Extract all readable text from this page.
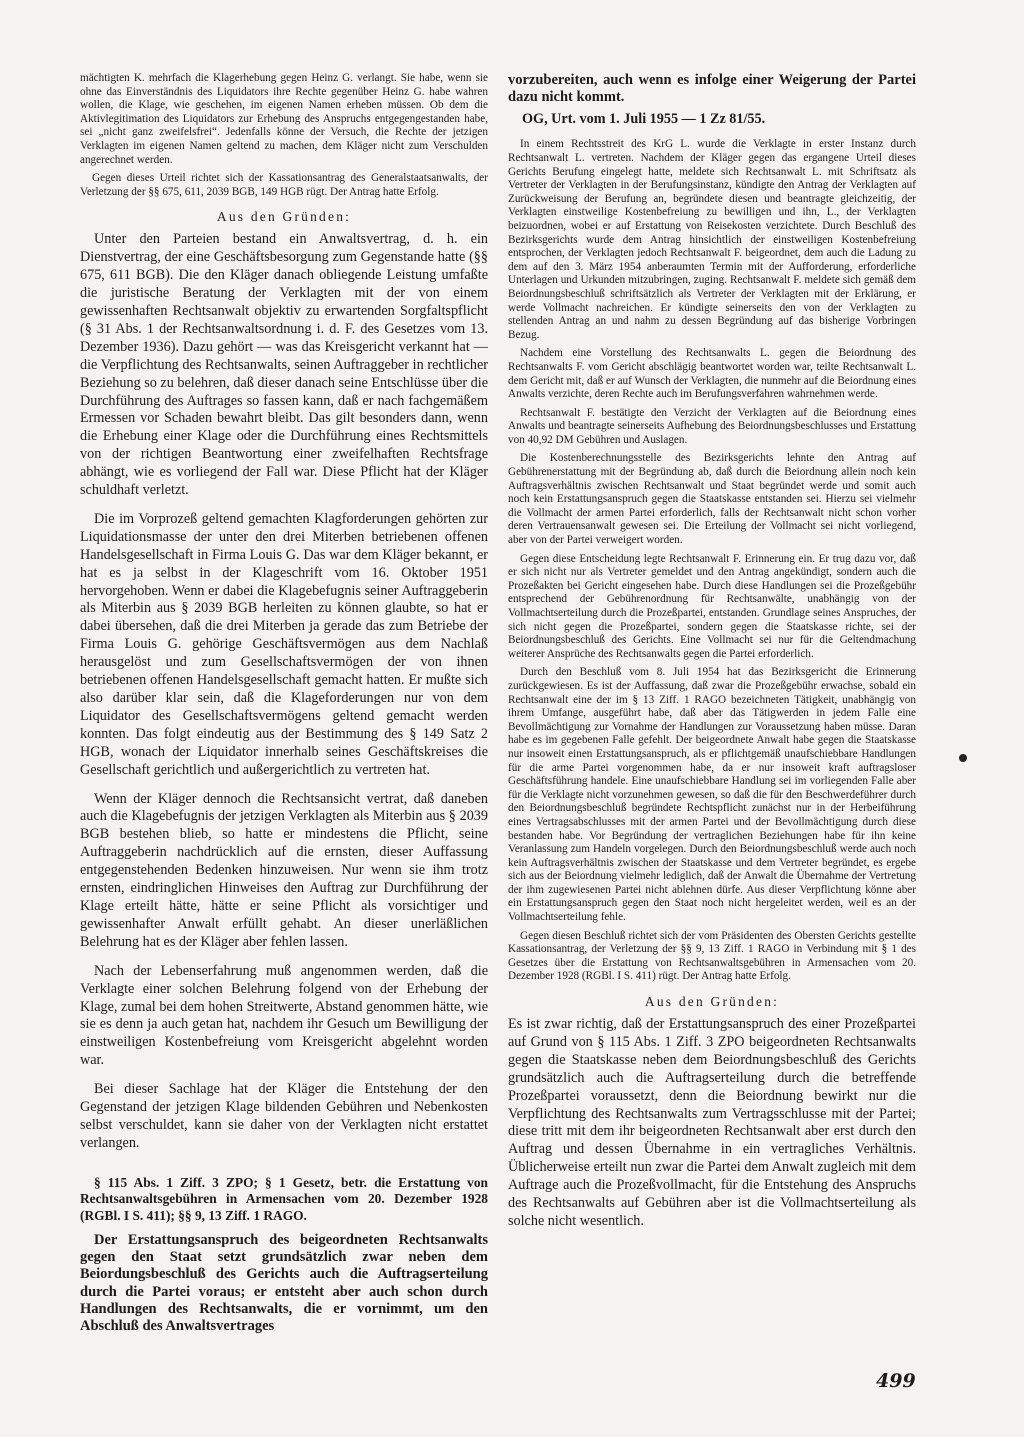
mächtigten K. mehrfach die Klagerhebung gegen Heinz G. verlangt. Sie habe, wenn sie ohne das Einverständnis des Liquidators ihre Rechte gegenüber Heinz G. habe wahren wollen, die Klage, wie geschehen, im eigenen Namen erheben müssen. Ob dem die Aktivlegitimation des Liquidators zur Erhebung des Anspruchs entgegengestanden habe, sei „nicht ganz zweifelsfrei“. Jedenfalls könne der Versuch, die Rechte der jetzigen Verklagten im eigenen Namen geltend zu machen, dem Kläger nicht zum Verschulden angerechnet werden.

Gegen dieses Urteil richtet sich der Kassationsantrag des Generalstaatsanwalts, der Verletzung der §§ 675, 611, 2039 BGB, 149 HGB rügt. Der Antrag hatte Erfolg.

Aus den Gründen:

Unter den Parteien bestand ein Anwaltsvertrag, d. h. ein Dienstvertrag, der eine Geschäftsbesorgung zum Gegenstande hatte (§§ 675, 611 BGB). Die den Kläger danach obliegende Leistung umfaßte die juristische Beratung der Verklagten mit der von einem gewissenhaften Rechtsanwalt objektiv zu erwartenden Sorgfaltspflicht (§ 31 Abs. 1 der Rechtsanwaltsordnung i. d. F. des Gesetzes vom 13. Dezember 1936). Dazu gehört — was das Kreisgericht verkannt hat — die Verpflichtung des Rechtsanwalts, seinen Auftraggeber in rechtlicher Beziehung so zu belehren, daß dieser danach seine Entschlüsse über die Durchführung des Auftrages so fassen kann, daß er nach fachgemäßem Ermessen vor Schaden bewahrt bleibt. Das gilt besonders dann, wenn die Erhebung einer Klage oder die Durchführung eines Rechtsmittels von der richtigen Beantwortung einer zweifelhaften Rechtsfrage abhängt, wie es vorliegend der Fall war. Diese Pflicht hat der Kläger schuldhaft verletzt.

Die im Vorprozeß geltend gemachten Klagforderungen gehörten zur Liquidationsmasse der unter den drei Miterben betriebenen offenen Handelsgesellschaft in Firma Louis G. Das war dem Kläger bekannt, er hat es ja selbst in der Klageschrift vom 16. Oktober 1951 hervorgehoben. Wenn er dabei die Klagebefugnis seiner Auftraggeberin als Miterbin aus § 2039 BGB herleiten zu können glaubte, so hat er dabei übersehen, daß die drei Miterben ja gerade das zum Betriebe der Firma Louis G. gehörige Geschäftsvermögen aus dem Nachlaß herausgelöst und zum Gesellschaftsvermögen der von ihnen betriebenen offenen Handelsgesellschaft gemacht hatten. Er mußte sich also darüber klar sein, daß die Klageforderungen nur von dem Liquidator des Gesellschaftsvermögens geltend gemacht werden konnten. Das folgt eindeutig aus der Bestimmung des § 149 Satz 2 HGB, wonach der Liquidator innerhalb seines Geschäftskreises die Gesellschaft gerichtlich und außergerichtlich zu vertreten hat.

Wenn der Kläger dennoch die Rechtsansicht vertrat, daß daneben auch die Klagebefugnis der jetzigen Verklagten als Miterbin aus § 2039 BGB bestehen blieb, so hatte er mindestens die Pflicht, seine Auftraggeberin nachdrücklich auf die ernsten, dieser Auffassung entgegenstehenden Bedenken hinzuweisen. Nur wenn sie ihm trotz ernsten, eindringlichen Hinweises den Auftrag zur Durchführung der Klage erteilt hätte, hätte er seine Pflicht als vorsichtiger und gewissenhafter Anwalt erfüllt gehabt. An dieser unerläßlichen Belehrung hat es der Kläger aber fehlen lassen.

Nach der Lebenserfahrung muß angenommen werden, daß die Verklagte einer solchen Belehrung folgend von der Erhebung der Klage, zumal bei dem hohen Streitwerte, Abstand genommen hätte, wie sie es denn ja auch getan hat, nachdem ihr Gesuch um Bewilligung der einstweiligen Kostenbefreiung vom Kreisgericht abgelehnt worden war.

Bei dieser Sachlage hat der Kläger die Entstehung der den Gegenstand der jetzigen Klage bildenden Gebühren und Nebenkosten selbst verschuldet, kann sie daher von der Verklagten nicht erstattet verlangen.

§ 115 Abs. 1 Ziff. 3 ZPO; § 1 Gesetz, betr. die Erstattung von Rechtsanwaltsgebühren in Armensachen vom 20. Dezember 1928 (RGBl. I S. 411); §§ 9, 13 Ziff. 1 RAGO.

Der Erstattungsanspruch des beigeordneten Rechtsanwalts gegen den Staat setzt grundsätzlich zwar neben dem Beiordungsbeschluß des Gerichts auch die Auftragserteilung durch die Partei voraus; er entsteht aber auch schon durch Handlungen des Rechtsanwalts, die er vornimmt, um den Abschluß des Anwaltsvertrages

vorzubereiten, auch wenn es infolge einer Weigerung der Partei dazu nicht kommt.

OG, Urt. vom 1. Juli 1955 — 1 Zz 81/55.

In einem Rechtsstreit des KrG L. wurde die Verklagte in erster Instanz durch Rechtsanwalt L. vertreten. Nachdem der Kläger gegen das ergangene Urteil dieses Gerichts Berufung eingelegt hatte, meldete sich Rechtsanwalt L. mit Schriftsatz als Vertreter der Verklagten in der Berufungsinstanz, kündigte den Antrag der Verklagten auf Zurückweisung der Berufung an, begründete diesen und beantragte gleichzeitig, der Verklagten einstweilige Kostenbefreiung zu bewilligen und ihn, L., der Verklagten beizuordnen, wobei er auf Erstattung von Reisekosten verzichtete. Durch Beschluß des Bezirksgerichts wurde dem Antrag hinsichtlich der einstweiligen Kostenbefreiung entsprochen, der Verklagten jedoch Rechtsanwalt F. beigeordnet, dem auch die Ladung zu dem auf den 3. März 1954 anberaumten Termin mit der Aufforderung, erforderliche Unterlagen und Urkunden mitzubringen, zuging. Rechtsanwalt F. meldete sich gemäß dem Beiordnungsbeschluß schriftsätzlich als Vertreter der Verklagten mit der Erklärung, er werde Vollmacht nachreichen. Er kündigte seinerseits den von der Verklagten zu stellenden Antrag an und nahm zu dessen Begründung auf das bisherige Vorbringen Bezug.

Nachdem eine Vorstellung des Rechtsanwalts L. gegen die Beiordnung des Rechtsanwalts F. vom Gericht abschlägig beantwortet worden war, teilte Rechtsanwalt L. dem Gericht mit, daß er auf Wunsch der Verklagten, die nunmehr auf die Beiordnung eines Anwalts verzichte, deren Rechte auch im Berufungsverfahren wahrnehmen werde.

Rechtsanwalt F. bestätigte den Verzicht der Verklagten auf die Beiordnung eines Anwalts und beantragte seinerseits Aufhebung des Beiordnungsbeschlusses und Erstattung von 40,92 DM Gebühren und Auslagen.

Die Kostenberechnungsstelle des Bezirksgerichts lehnte den Antrag auf Gebührenerstattung mit der Begründung ab, daß durch die Beiordnung allein noch kein Auftragsverhältnis zwischen Rechtsanwalt und Staat begründet werde und somit auch noch kein Erstattungsanspruch gegen die Staatskasse entstanden sei. Hierzu sei vielmehr die Vollmacht der armen Partei erforderlich, falls der Rechtsanwalt nicht schon vorher deren Vertrauensanwalt gewesen sei. Die Erteilung der Vollmacht sei nicht vorliegend, aber von der Partei verweigert worden.

Gegen diese Entscheidung legte Rechtsanwalt F. Erinnerung ein. Er trug dazu vor, daß er sich nicht nur als Vertreter gemeldet und den Antrag angekündigt, sondern auch die Prozeßakten bei Gericht eingesehen habe. Durch diese Handlungen sei die Prozeßgebühr entsprechend der Gebührenordnung für Rechtsanwälte, unabhängig von der Vollmachtserteilung durch die Prozeßpartei, entstanden. Grundlage seines Anspruches, der sich nicht gegen die Prozeßpartei, sondern gegen die Staatskasse richte, sei der Beiordnungsbeschluß des Gerichts. Eine Vollmacht sei nur für die Geltendmachung weiterer Ansprüche des Rechtsanwalts gegen die Partei erforderlich.

Durch den Beschluß vom 8. Juli 1954 hat das Bezirksgericht die Erinnerung zurückgewiesen. Es ist der Auffassung, daß zwar die Prozeßgebühr erwachse, sobald ein Rechtsanwalt eine der im § 13 Ziff. 1 RAGO bezeichneten Tätigkeit, unabhängig von ihrem Umfange, ausgeführt habe, daß aber das Tätigwerden in jedem Falle eine Bevollmächtigung zur Vornahme der Handlungen zur Voraussetzung haben müsse. Daran habe es im gegebenen Falle gefehlt. Der beigeordnete Anwalt habe gegen die Staatskasse nur insoweit einen Erstattungsanspruch, als er pflichtgemäß unaufschiebbare Handlungen für die arme Partei vorgenommen habe, da er nur insoweit kraft auftragsloser Geschäftsführung handele. Eine unaufschiebbare Handlung sei im vorliegenden Falle aber für die Verklagte nicht vorzunehmen gewesen, so daß die für den Beschwerdeführer durch den Beiordnungsbeschluß begründete Rechtspflicht zunächst nur in der Herbeiführung eines Vertragsabschlusses mit der armen Partei und der Bevollmächtigung durch diese bestanden habe. Vor Begründung der vertraglichen Beziehungen habe für ihn keine Veranlassung zum Handeln vorgelegen. Durch den Beiordnungsbeschluß werde auch noch kein Auftragsverhältnis zwischen der Staatskasse und dem Vertreter begründet, es ergebe sich aus der Beiordnung vielmehr lediglich, daß der Anwalt die Übernahme der Vertretung der ihm zugewiesenen Partei nicht ablehnen dürfe. Aus dieser Verpflichtung könne aber ein Erstattungsanspruch gegen den Staat noch nicht hergeleitet werden, weil es an der Vollmachtserteilung fehle.

Gegen diesen Beschluß richtet sich der vom Präsidenten des Obersten Gerichts gestellte Kassationsantrag, der Verletzung der §§ 9, 13 Ziff. 1 RAGO in Verbindung mit § 1 des Gesetzes über die Erstattung von Rechtsanwaltsgebühren in Armensachen vom 20. Dezember 1928 (RGBl. I S. 411) rügt. Der Antrag hatte Erfolg.

Aus den Gründen:

Es ist zwar richtig, daß der Erstattungsanspruch des einer Prozeßpartei auf Grund von § 115 Abs. 1 Ziff. 3 ZPO beigeordneten Rechtsanwalts gegen die Staatskasse neben dem Beiordnungsbeschluß des Gerichts grundsätzlich auch die Auftragserteilung durch die betreffende Prozeßpartei voraussetzt, denn die Beiordnung bewirkt nur die Verpflichtung des Rechtsanwalts zum Vertragsschlusse mit der Partei; diese tritt mit dem ihr beigeordneten Rechtsanwalt aber erst durch den Auftrag und dessen Übernahme in ein vertragliches Verhältnis. Üblicherweise erteilt nun zwar die Partei dem Anwalt zugleich mit dem Auftrage auch die Prozeßvollmacht, für die Entstehung des Anspruchs des Rechtsanwalts auf Gebühren aber ist die Vollmachtserteilung als solche nicht wesentlich.

499
